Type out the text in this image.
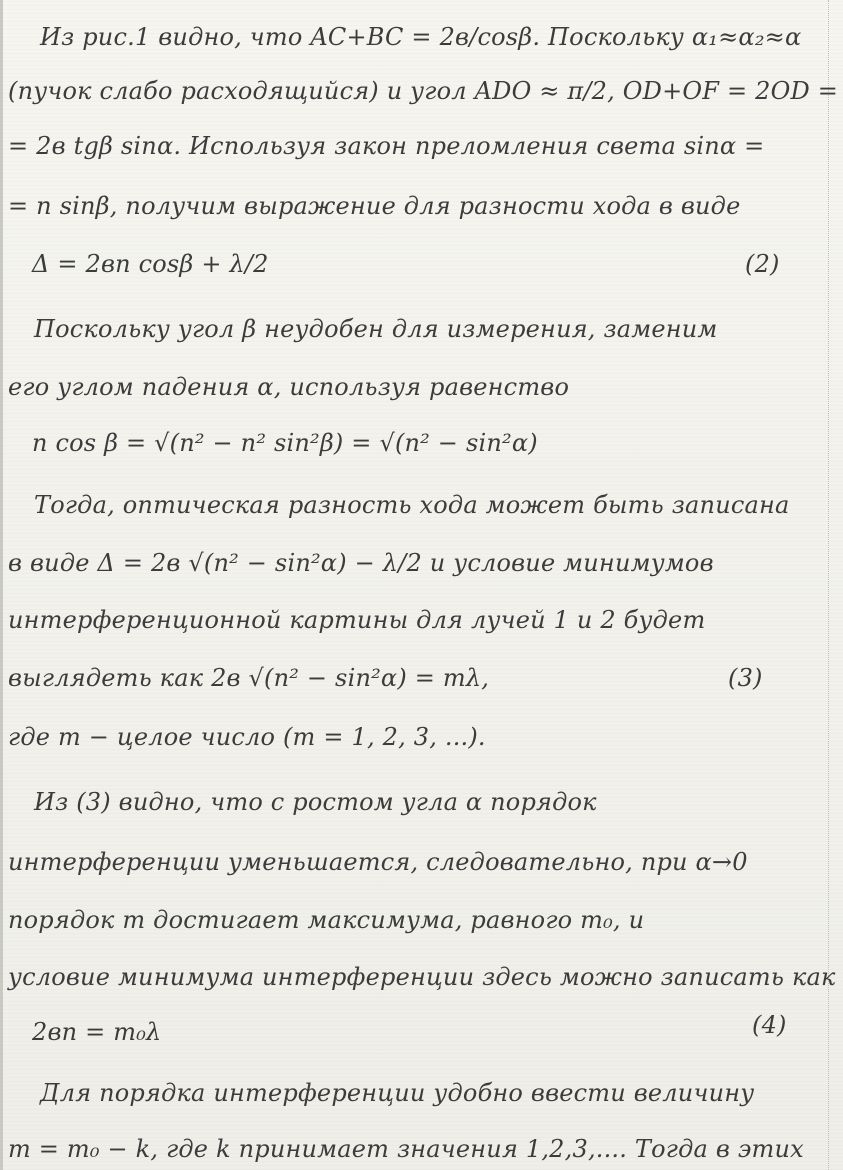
Из рис.1 видно, что AC+BC = 2в/cosβ. Поскольку α₁≈α₂≈α
(пучок слабо расходящийся) и угол ADO ≈ π/2, OD+OF = 2OD =
= 2в tgβ sinα. Используя закон преломления света sinα =
= n sinβ, получим выражение для разности хода в виде
Δ = 2вn cosβ + λ/2	(2)
Поскольку угол β неудобен для измерения, заменим
его углом падения α, используя равенство
n cos β = √(n² − n² sin²β) = √(n² − sin²α)
Тогда, оптическая разность хода может быть записана
в виде Δ = 2в √(n² − sin²α) − λ/2 и условие минимумов
интерференционной картины для лучей 1 и 2 будет
выглядеть как 2в √(n² − sin²α) = mλ,	(3)
где m − целое число (m = 1, 2, 3, ...).
Из (3) видно, что с ростом угла α порядок
интерференции уменьшается, следовательно, при α→0
порядок m достигает максимума, равного m₀, и
условие минимума интерференции здесь можно записать как
2вn = m₀λ	(4)
Для порядка интерференции удобно ввести величину
m = m₀ − k, где k принимает значения 1,2,3,.... Тогда в этих
